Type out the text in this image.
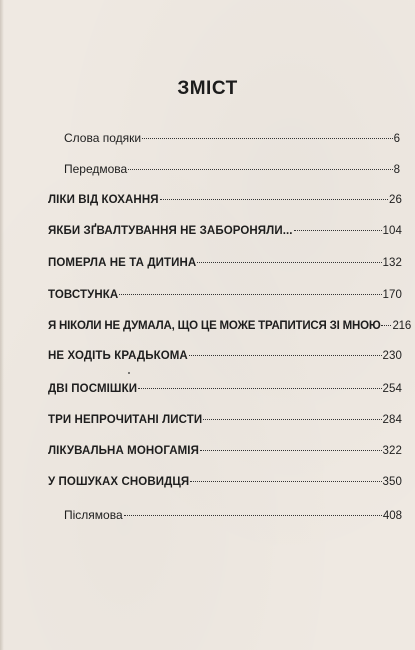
ЗМІСТ
Слова подяки	6
Передмова	8
ЛІКИ ВІД КОХАННЯ	26
ЯКБИ ЗҐВАЛТУВАННЯ НЕ ЗАБОРОНЯЛИ...	104
ПОМЕРЛА НЕ ТА ДИТИНА	132
ТОВСТУНКА	170
Я НІКОЛИ НЕ ДУМАЛА, ЩО ЦЕ МОЖЕ ТРАПИТИСЯ ЗІ МНОЮ 216
НЕ ХОДІТЬ КРАДЬКОМА	230
ДВІ ПОСМІШКИ	254
ТРИ НЕПРОЧИТАНІ ЛИСТИ	284
ЛІКУВАЛЬНА МОНОГАМІЯ	322
У ПОШУКАХ СНОВИДЦЯ	350
Післямова	408
